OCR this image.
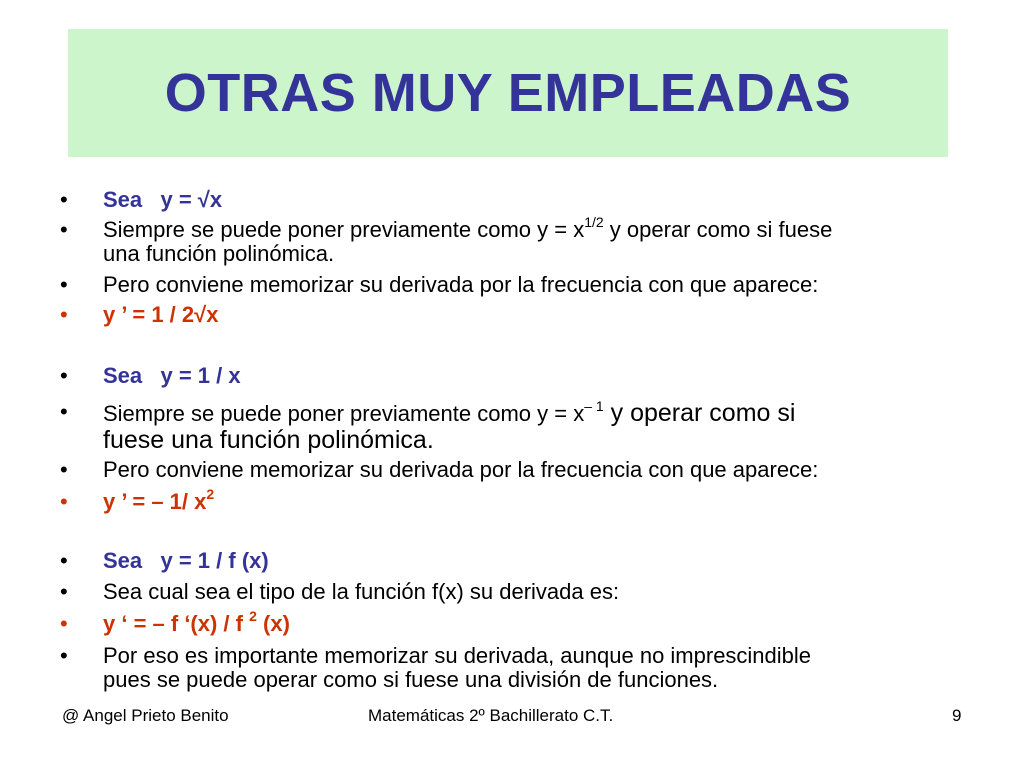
OTRAS MUY EMPLEADAS
• Sea y = √x
• Siempre se puede poner previamente como $y = x^{1/2}$ y operar como si fuese
una función polinómica.
• Pero conviene memorizar su derivada por la frecuencia con que aparece:
• y ’ = 1 / 2√x
• Sea y = 1 / x
• Siempre se puede poner previamente como $y = x^{- 1}$ y operar como si
fuese una función polinómica.
• Pero conviene memorizar su derivada por la frecuencia con que aparece:
• y ’ = – 1/ $x^2$
• Sea y = 1 / f (x)
• Sea cual sea el tipo de la función f(x) su derivada es:
• y ‘ = – f ‘(x) / f $^2$ (x)
• Por eso es importante memorizar su derivada, aunque no imprescindible
pues se puede operar como si fuese una división de funciones.
@ Angel Prieto Benito	Matemáticas 2º Bachillerato C.T.	9
